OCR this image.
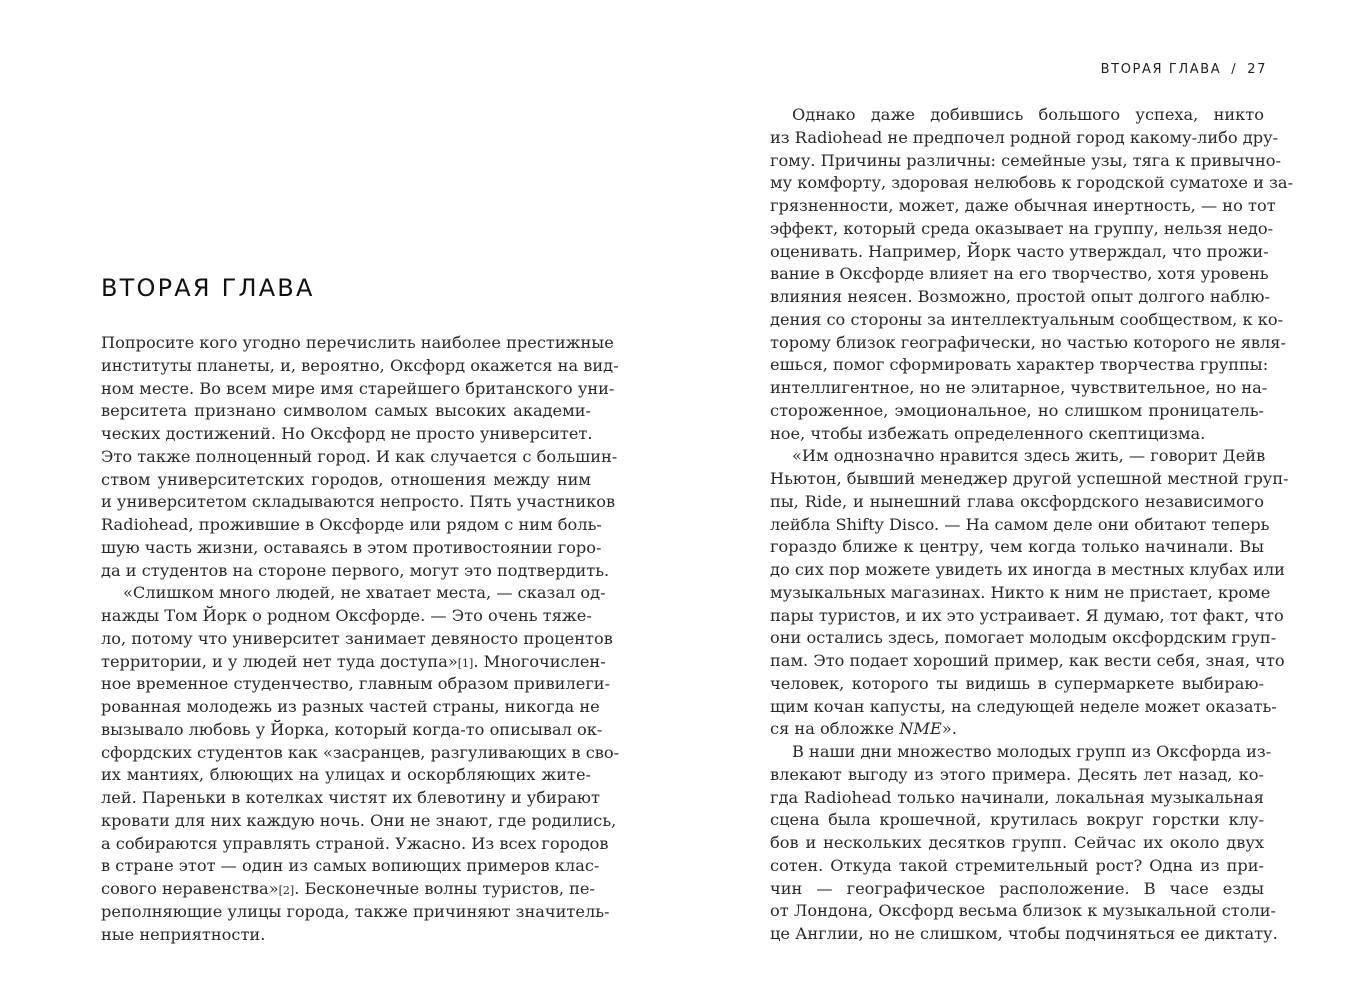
ВТОРАЯ ГЛАВА
Попросите кого угодно перечислить наиболее престижные
институты планеты, и, вероятно, Оксфорд окажется на вид-
ном месте. Во всем мире имя старейшего британского уни-
верситета признано символом самых высоких академи-
ческих достижений. Но Оксфорд не просто университет.
Это также полноценный город. И как случается с большин-
ством университетских городов, отношения между ним
и университетом складываются непросто. Пять участников
Radiohead, прожившие в Оксфорде или рядом с ним боль-
шую часть жизни, оставаясь в этом противостоянии горо-
да и студентов на стороне первого, могут это подтвердить.
«Слишком много людей, не хватает места, — сказал од-
нажды Том Йорк о родном Оксфорде. — Это очень тяже-
ло, потому что университет занимает девяносто процентов
территории, и у людей нет туда доступа»[1]. Многочислен-
ное временное студенчество, главным образом привилеги-
рованная молодежь из разных частей страны, никогда не
вызывало любовь у Йорка, который когда-то описывал ок-
сфордских студентов как «засранцев, разгуливающих в сво-
их мантиях, блюющих на улицах и оскорбляющих жите-
лей. Пареньки в котелках чистят их блевотину и убирают
кровати для них каждую ночь. Они не знают, где родились,
а собираются управлять страной. Ужасно. Из всех городов
в стране этот — один из самых вопиющих примеров клас-
сового неравенства»[2]. Бесконечные волны туристов, пе-
реполняющие улицы города, также причиняют значитель-
ные неприятности.
ВТОРАЯ ГЛАВА / 27
Однако даже добившись большого успеха, никто
из Radiohead не предпочел родной город какому-либо дру-
гому. Причины различны: семейные узы, тяга к привычно-
му комфорту, здоровая нелюбовь к городской суматохе и за-
грязненности, может, даже обычная инертность, — но тот
эффект, который среда оказывает на группу, нельзя недо-
оценивать. Например, Йорк часто утверждал, что прожи-
вание в Оксфорде влияет на его творчество, хотя уровень
влияния неясен. Возможно, простой опыт долгого наблю-
дения со стороны за интеллектуальным сообществом, к ко-
торому близок географически, но частью которого не явля-
ешься, помог сформировать характер творчества группы:
интеллигентное, но не элитарное, чувствительное, но на-
стороженное, эмоциональное, но слишком проницатель-
ное, чтобы избежать определенного скептицизма.
«Им однозначно нравится здесь жить, — говорит Дейв
Ньютон, бывший менеджер другой успешной местной груп-
пы, Ride, и нынешний глава оксфордского независимого
лейбла Shifty Disco. — На самом деле они обитают теперь
гораздо ближе к центру, чем когда только начинали. Вы
до сих пор можете увидеть их иногда в местных клубах или
музыкальных магазинах. Никто к ним не пристает, кроме
пары туристов, и их это устраивает. Я думаю, тот факт, что
они остались здесь, помогает молодым оксфордским груп-
пам. Это подает хороший пример, как вести себя, зная, что
человек, которого ты видишь в супермаркете выбираю-
щим кочан капусты, на следующей неделе может оказать-
ся на обложке NME».
В наши дни множество молодых групп из Оксфорда из-
влекают выгоду из этого примера. Десять лет назад, ко-
гда Radiohead только начинали, локальная музыкальная
сцена была крошечной, крутилась вокруг горстки клу-
бов и нескольких десятков групп. Сейчас их около двух
сотен. Откуда такой стремительный рост? Одна из при-
чин — географическое расположение. В часе езды
от Лондона, Оксфорд весьма близок к музыкальной столи-
це Англии, но не слишком, чтобы подчиняться ее диктату.
